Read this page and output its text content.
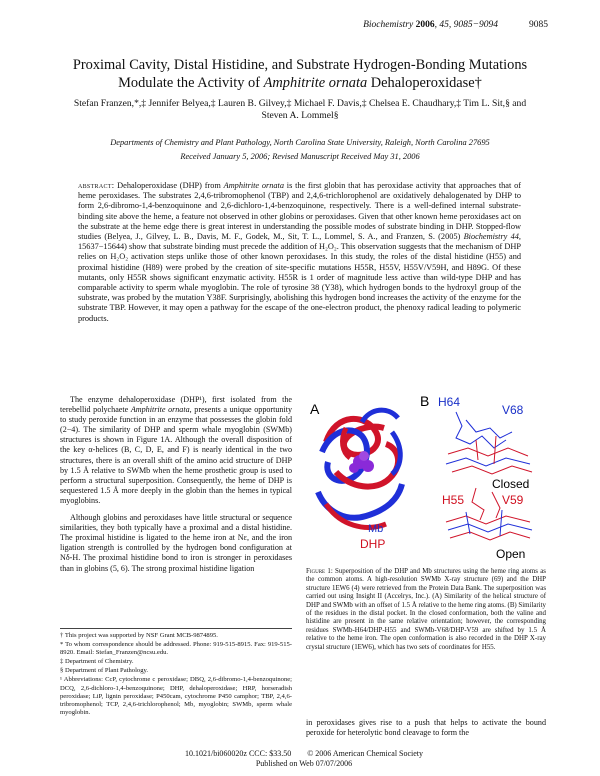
Biochemistry 2006, 45, 9085−9094	9085
Proximal Cavity, Distal Histidine, and Substrate Hydrogen-Bonding Mutations
Modulate the Activity of Amphitrite ornata Dehaloperoxidase†
Stefan Franzen,*,‡ Jennifer Belyea,‡ Lauren B. Gilvey,‡ Michael F. Davis,‡ Chelsea E. Chaudhary,‡ Tim L. Sit,§ and
Steven A. Lommel§
Departments of Chemistry and Plant Pathology, North Carolina State University, Raleigh, North Carolina 27695
Received January 5, 2006; Revised Manuscript Received May 31, 2006
abstract: Dehaloperoxidase (DHP) from Amphitrite ornata is the first globin that has peroxidase activity that approaches that of heme peroxidases. The substrates 2,4,6-tribromophenol (TBP) and 2,4,6-trichlorophenol are oxidatively dehalogenated by DHP to form 2,6-dibromo-1,4-benzoquinone and 2,6-dichloro-1,4-benzoquinone, respectively. There is a well-defined internal substrate-binding site above the heme, a feature not observed in other globins or peroxidases. Given that other known heme peroxidases act on the substrate at the heme edge there is great interest in understanding the possible modes of substrate binding in DHP. Stopped-flow studies (Belyea, J., Gilvey, L. B., Davis, M. F., Godek, M., Sit, T. L., Lommel, S. A., and Franzen, S. (2005) Biochemistry 44, 15637−15644) show that substrate binding must precede the addition of H₂O₂. This observation suggests that the mechanism of DHP relies on H₂O₂ activation steps unlike those of other known peroxidases. In this study, the roles of the distal histidine (H55) and proximal histidine (H89) were probed by the creation of site-specific mutations H55R, H55V, H55V/V59H, and H89G. Of these mutants, only H55R shows significant enzymatic activity. H55R is 1 order of magnitude less active than wild-type DHP and has comparable activity to sperm whale myoglobin. The role of tyrosine 38 (Y38), which hydrogen bonds to the hydroxyl group of the substrate, was probed by the mutation Y38F. Surprisingly, abolishing this hydrogen bond increases the activity of the enzyme for the substrate TBP. However, it may open a pathway for the escape of the one-electron product, the phenoxy radical leading to polymeric products.

The enzyme dehaloperoxidase (DHP¹), first isolated from the terebellid polychaete Amphitrite ornata, presents a unique opportunity to study peroxide function in an enzyme that possesses the globin fold (2−4). The similarity of DHP and sperm whale myoglobin (SWMb) structures is shown in Figure 1A. Although the overall disposition of the key α-helices (B, C, D, E, and F) is nearly identical in the two structures, there is an overall shift of the amino acid structure of DHP by 1.5 Å relative to SWMb when the heme prosthetic group is used to perform a structural superposition. Consequently, the heme of DHP is sequestered 1.5 Å more deeply in the globin than the hemes in typical myoglobins.

Although globins and peroxidases have little structural or sequence similarities, they both typically have a proximal and a distal histidine. The proximal histidine is ligated to the heme iron at Nε, and the iron ligation strength is controlled by the hydrogen bond configuration at Nδ-H. The proximal histidine bond to iron is stronger in peroxidases than in globins (5, 6). The strong proximal histidine ligation

† This project was supported by NSF Grant MCB-9874895.
* To whom correspondence should be addressed. Phone: 919-515-8915. Fax: 919-515-8920. Email: Stefan_Franzen@ncsu.edu.
‡ Department of Chemistry.
§ Department of Plant Pathology.
¹ Abbreviations: CcP, cytochrome c peroxidase; DBQ, 2,6-dibromo-1,4-benzoquinone; DCQ, 2,6-dichloro-1,4-benzoquinone; DHP, dehaloperoxidase; HRP, horseradish peroxidase; LiP, lignin peroxidase; P450cam, cytochrome P450 camphor; TBP, 2,4,6-tribromophenol; TCP, 2,4,6-trichlorophenol; Mb, myoglobin; SWMb, sperm whale myoglobin.
A
Mb
DHP
B H64
V68
Closed
H55	V59
Open
Figure 1: Superposition of the DHP and Mb structures using the heme ring atoms as the common atoms. A high-resolution SWMb X-ray structure (69) and the DHP structure 1EW6 (4) were retrieved from the Protein Data Bank. The superposition was carried out using Insight II (Accelrys, Inc.). (A) Similarity of the helical structure of DHP and SWMb with an offset of 1.5 Å relative to the heme ring atoms. (B) Similarity of the residues in the distal pocket. In the closed conformation, both the valine and histidine are present in the same relative orientation; however, the corresponding residues SWMb-H64/DHP-H55 and SWMb-V68/DHP-V59 are shifted by 1.5 Å relative to the heme iron. The open conformation is also recorded in the DHP X-ray crystal structure (1EW6), which has two sets of coordinates for H55.
in peroxidases gives rise to a push that helps to activate the bound peroxide for heterolytic bond cleavage to form the
10.1021/bi060020z CCC: $33.50 © 2006 American Chemical Society
Published on Web 07/07/2006
